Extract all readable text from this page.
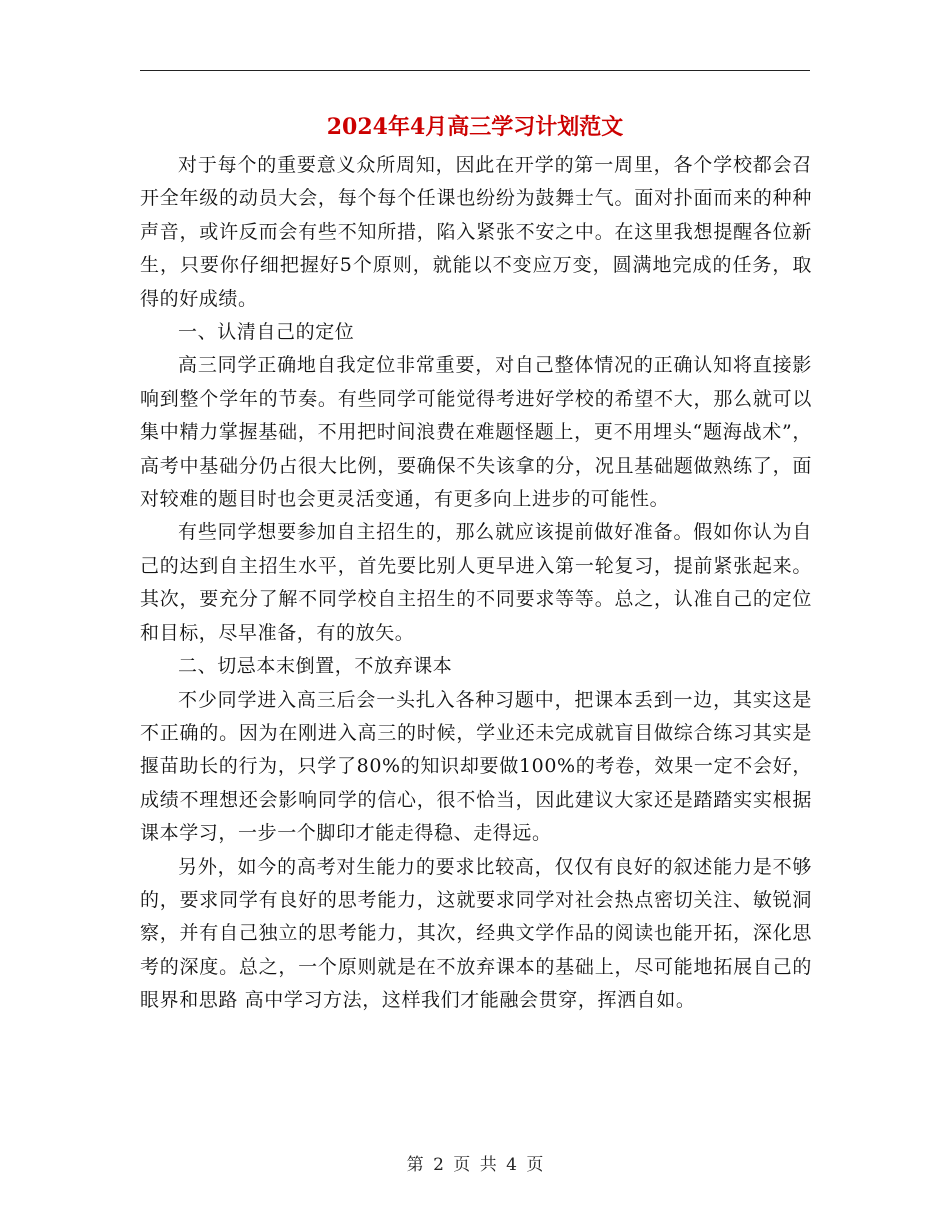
2024年4月高三学习计划范文

对于每个的重要意义众所周知，因此在开学的第一周里，各个学校都会召开全年级的动员大会，每个每个任课也纷纷为鼓舞士气。面对扑面而来的种种声音，或许反而会有些不知所措，陷入紧张不安之中。在这里我想提醒各位新生，只要你仔细把握好5个原则，就能以不变应万变，圆满地完成的任务，取得的好成绩。

一、认清自己的定位

高三同学正确地自我定位非常重要，对自己整体情况的正确认知将直接影响到整个学年的节奏。有些同学可能觉得考进好学校的希望不大，那么就可以集中精力掌握基础，不用把时间浪费在难题怪题上，更不用埋头“题海战术”，高考中基础分仍占很大比例，要确保不失该拿的分，况且基础题做熟练了，面对较难的题目时也会更灵活变通，有更多向上进步的可能性。

有些同学想要参加自主招生的，那么就应该提前做好准备。假如你认为自己的达到自主招生水平，首先要比别人更早进入第一轮复习，提前紧张起来。其次，要充分了解不同学校自主招生的不同要求等等。总之，认准自己的定位和目标，尽早准备，有的放矢。

二、切忌本末倒置，不放弃课本

不少同学进入高三后会一头扎入各种习题中，把课本丢到一边，其实这是不正确的。因为在刚进入高三的时候，学业还未完成就盲目做综合练习其实是揠苗助长的行为，只学了80%的知识却要做100%的考卷，效果一定不会好，成绩不理想还会影响同学的信心，很不恰当，因此建议大家还是踏踏实实根据课本学习，一步一个脚印才能走得稳、走得远。

另外，如今的高考对生能力的要求比较高，仅仅有良好的叙述能力是不够的，要求同学有良好的思考能力，这就要求同学对社会热点密切关注、敏锐洞察，并有自己独立的思考能力，其次，经典文学作品的阅读也能开拓，深化思考的深度。总之，一个原则就是在不放弃课本的基础上，尽可能地拓展自己的眼界和思路 高中学习方法，这样我们才能融会贯穿，挥洒自如。

第 2 页 共 4 页
